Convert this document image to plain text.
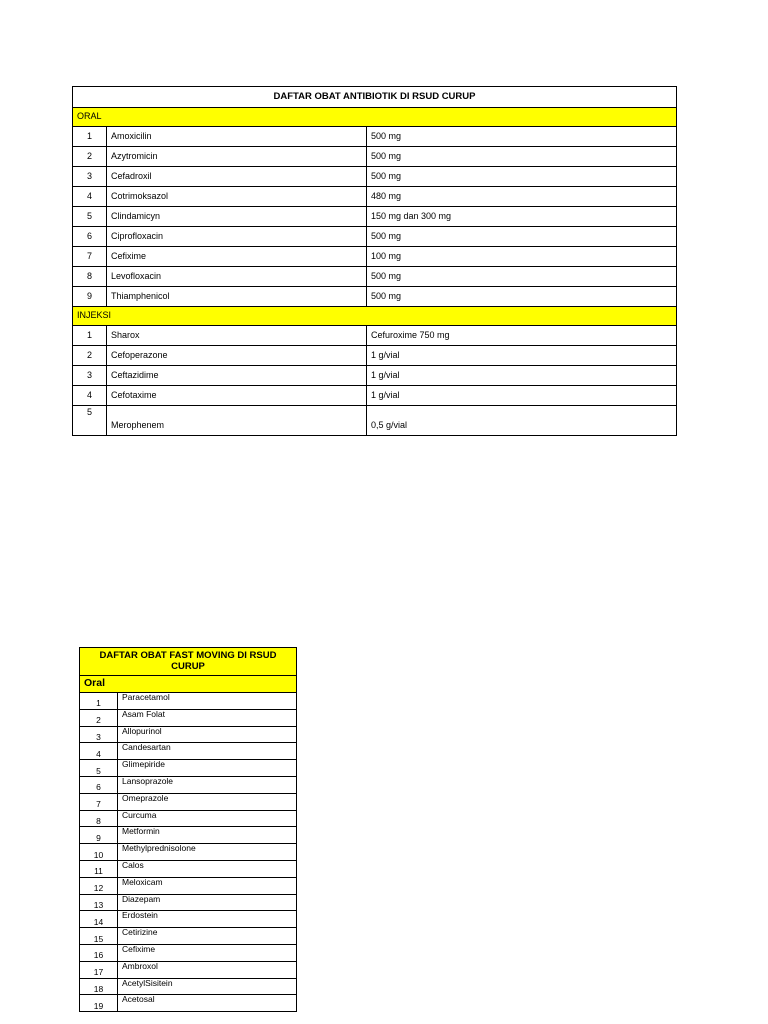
DAFTAR OBAT ANTIBIOTIK DI RSUD CURUP		
ORAL		
1	Amoxicilin	500 mg
2	Azytromicin	500 mg
3	Cefadroxil	500 mg
4	Cotrimoksazol	480 mg
5	Clindamicyn	150 mg dan 300 mg
6	Ciprofloxacin	500 mg
7	Cefixime	100 mg
8	Levofloxacin	500 mg
9	Thiamphenicol	500 mg
INJEKSI		
1	Sharox	Cefuroxime 750 mg
2	Cefoperazone	1 g/vial
3	Ceftazidime	1 g/vial
4	Cefotaxime	1 g/vial
5	Merophenem	0,5 g/vial
DAFTAR OBAT FAST MOVING DI RSUD CURUP	
Oral	
1	Paracetamol
2	Asam Folat
3	Allopurinol
4	Candesartan
5	Glimepiride
6	Lansoprazole
7	Omeprazole
8	Curcuma
9	Metformin
10	Methylprednisolone
11	Calos
12	Meloxicam
13	Diazepam
14	Erdostein
15	Cetirizine
16	Cefixime
17	Ambroxol
18	AcetylSisitein
19	Acetosal
